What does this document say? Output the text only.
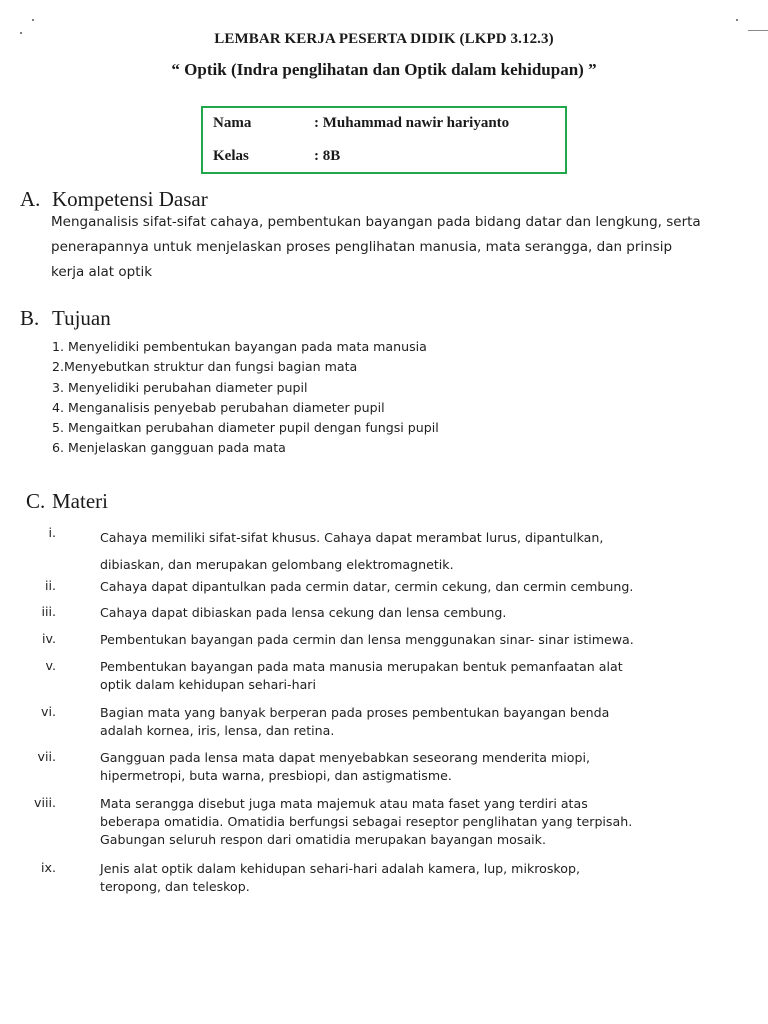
LEMBAR KERJA PESERTA DIDIK (LKPD 3.12.3)
“ Optik (Indra penglihatan dan Optik dalam kehidupan) ”
Nama	: Muhammad nawir hariyanto
Kelas	: 8B
A. Kompetensi Dasar
Menganalisis sifat-sifat cahaya, pembentukan bayangan pada bidang datar dan lengkung, serta
penerapannya untuk menjelaskan proses penglihatan manusia, mata serangga, dan prinsip
kerja alat optik
B. Tujuan
1. Menyelidiki pembentukan bayangan pada mata manusia
2.Menyebutkan struktur dan fungsi bagian mata
3. Menyelidiki perubahan diameter pupil
4. Menganalisis penyebab perubahan diameter pupil
5. Mengaitkan perubahan diameter pupil dengan fungsi pupil
6. Menjelaskan gangguan pada mata
C. Materi
i.	Cahaya memiliki sifat-sifat khusus. Cahaya dapat merambat lurus, dipantulkan,
dibiaskan, dan merupakan gelombang elektromagnetik.
ii.	Cahaya dapat dipantulkan pada cermin datar, cermin cekung, dan cermin cembung.
iii.	Cahaya dapat dibiaskan pada lensa cekung dan lensa cembung.
iv.	Pembentukan bayangan pada cermin dan lensa menggunakan sinar- sinar istimewa.
v.	Pembentukan bayangan pada mata manusia merupakan bentuk pemanfaatan alat
optik dalam kehidupan sehari-hari
vi.	Bagian mata yang banyak berperan pada proses pembentukan bayangan benda
adalah kornea, iris, lensa, dan retina.
vii.	Gangguan pada lensa mata dapat menyebabkan seseorang menderita miopi,
hipermetropi, buta warna, presbiopi, dan astigmatisme.
viii.	Mata serangga disebut juga mata majemuk atau mata faset yang terdiri atas
beberapa omatidia. Omatidia berfungsi sebagai reseptor penglihatan yang terpisah.
Gabungan seluruh respon dari omatidia merupakan bayangan mosaik.
ix.	Jenis alat optik dalam kehidupan sehari-hari adalah kamera, lup, mikroskop,
teropong, dan teleskop.
